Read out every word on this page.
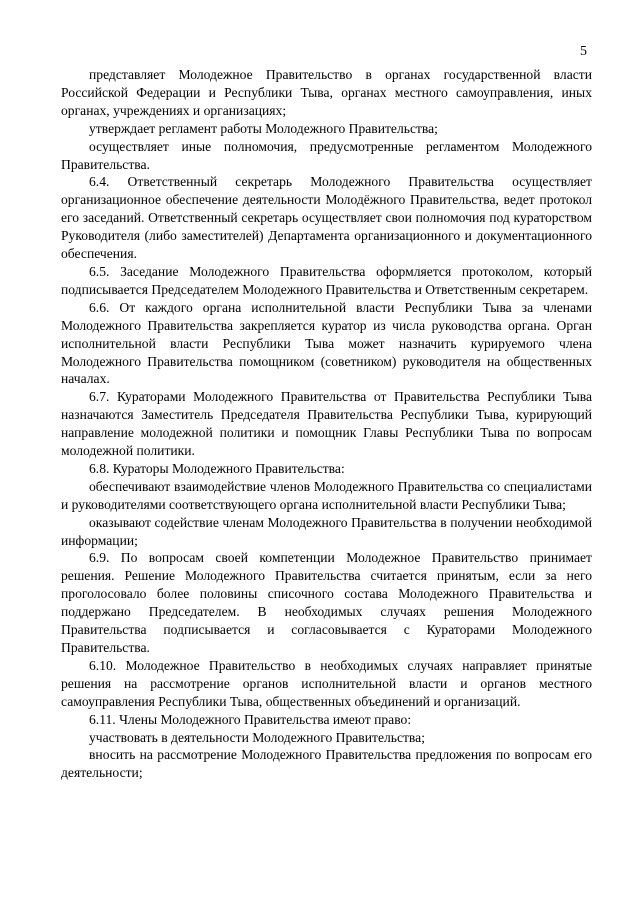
5

представляет Молодежное Правительство в органах государственной власти Российской Федерации и Республики Тыва, органах местного самоуправления, иных органах, учреждениях и организациях;

утверждает регламент работы Молодежного Правительства;

осуществляет иные полномочия, предусмотренные регламентом Молодежного Правительства.

6.4. Ответственный секретарь Молодежного Правительства осуществляет организационное обеспечение деятельности Молодёжного Правительства, ведет протокол его заседаний. Ответственный секретарь осуществляет свои полномочия под кураторством Руководителя (либо заместителей) Департамента организационного и документационного обеспечения.

6.5. Заседание Молодежного Правительства оформляется протоколом, который подписывается Председателем Молодежного Правительства и Ответственным секретарем.

6.6. От каждого органа исполнительной власти Республики Тыва за членами Молодежного Правительства закрепляется куратор из числа руководства органа. Орган исполнительной власти Республики Тыва может назначить курируемого члена Молодежного Правительства помощником (советником) руководителя на общественных началах.

6.7. Кураторами Молодежного Правительства от Правительства Республики Тыва назначаются Заместитель Председателя Правительства Республики Тыва, курирующий направление молодежной политики и помощник Главы Республики Тыва по вопросам молодежной политики.

6.8. Кураторы Молодежного Правительства:

обеспечивают взаимодействие членов Молодежного Правительства со специалистами и руководителями соответствующего органа исполнительной власти Республики Тыва;

оказывают содействие членам Молодежного Правительства в получении необходимой информации;

6.9. По вопросам своей компетенции Молодежное Правительство принимает решения. Решение Молодежного Правительства считается принятым, если за него проголосовало более половины списочного состава Молодежного Правительства и поддержано Председателем. В необходимых случаях решения Молодежного Правительства подписывается и согласовывается с Кураторами Молодежного Правительства.

6.10. Молодежное Правительство в необходимых случаях направляет принятые решения на рассмотрение органов исполнительной власти и органов местного самоуправления Республики Тыва, общественных объединений и организаций.

6.11. Члены Молодежного Правительства имеют право:

участвовать в деятельности Молодежного Правительства;

вносить на рассмотрение Молодежного Правительства предложения по вопросам его деятельности;
